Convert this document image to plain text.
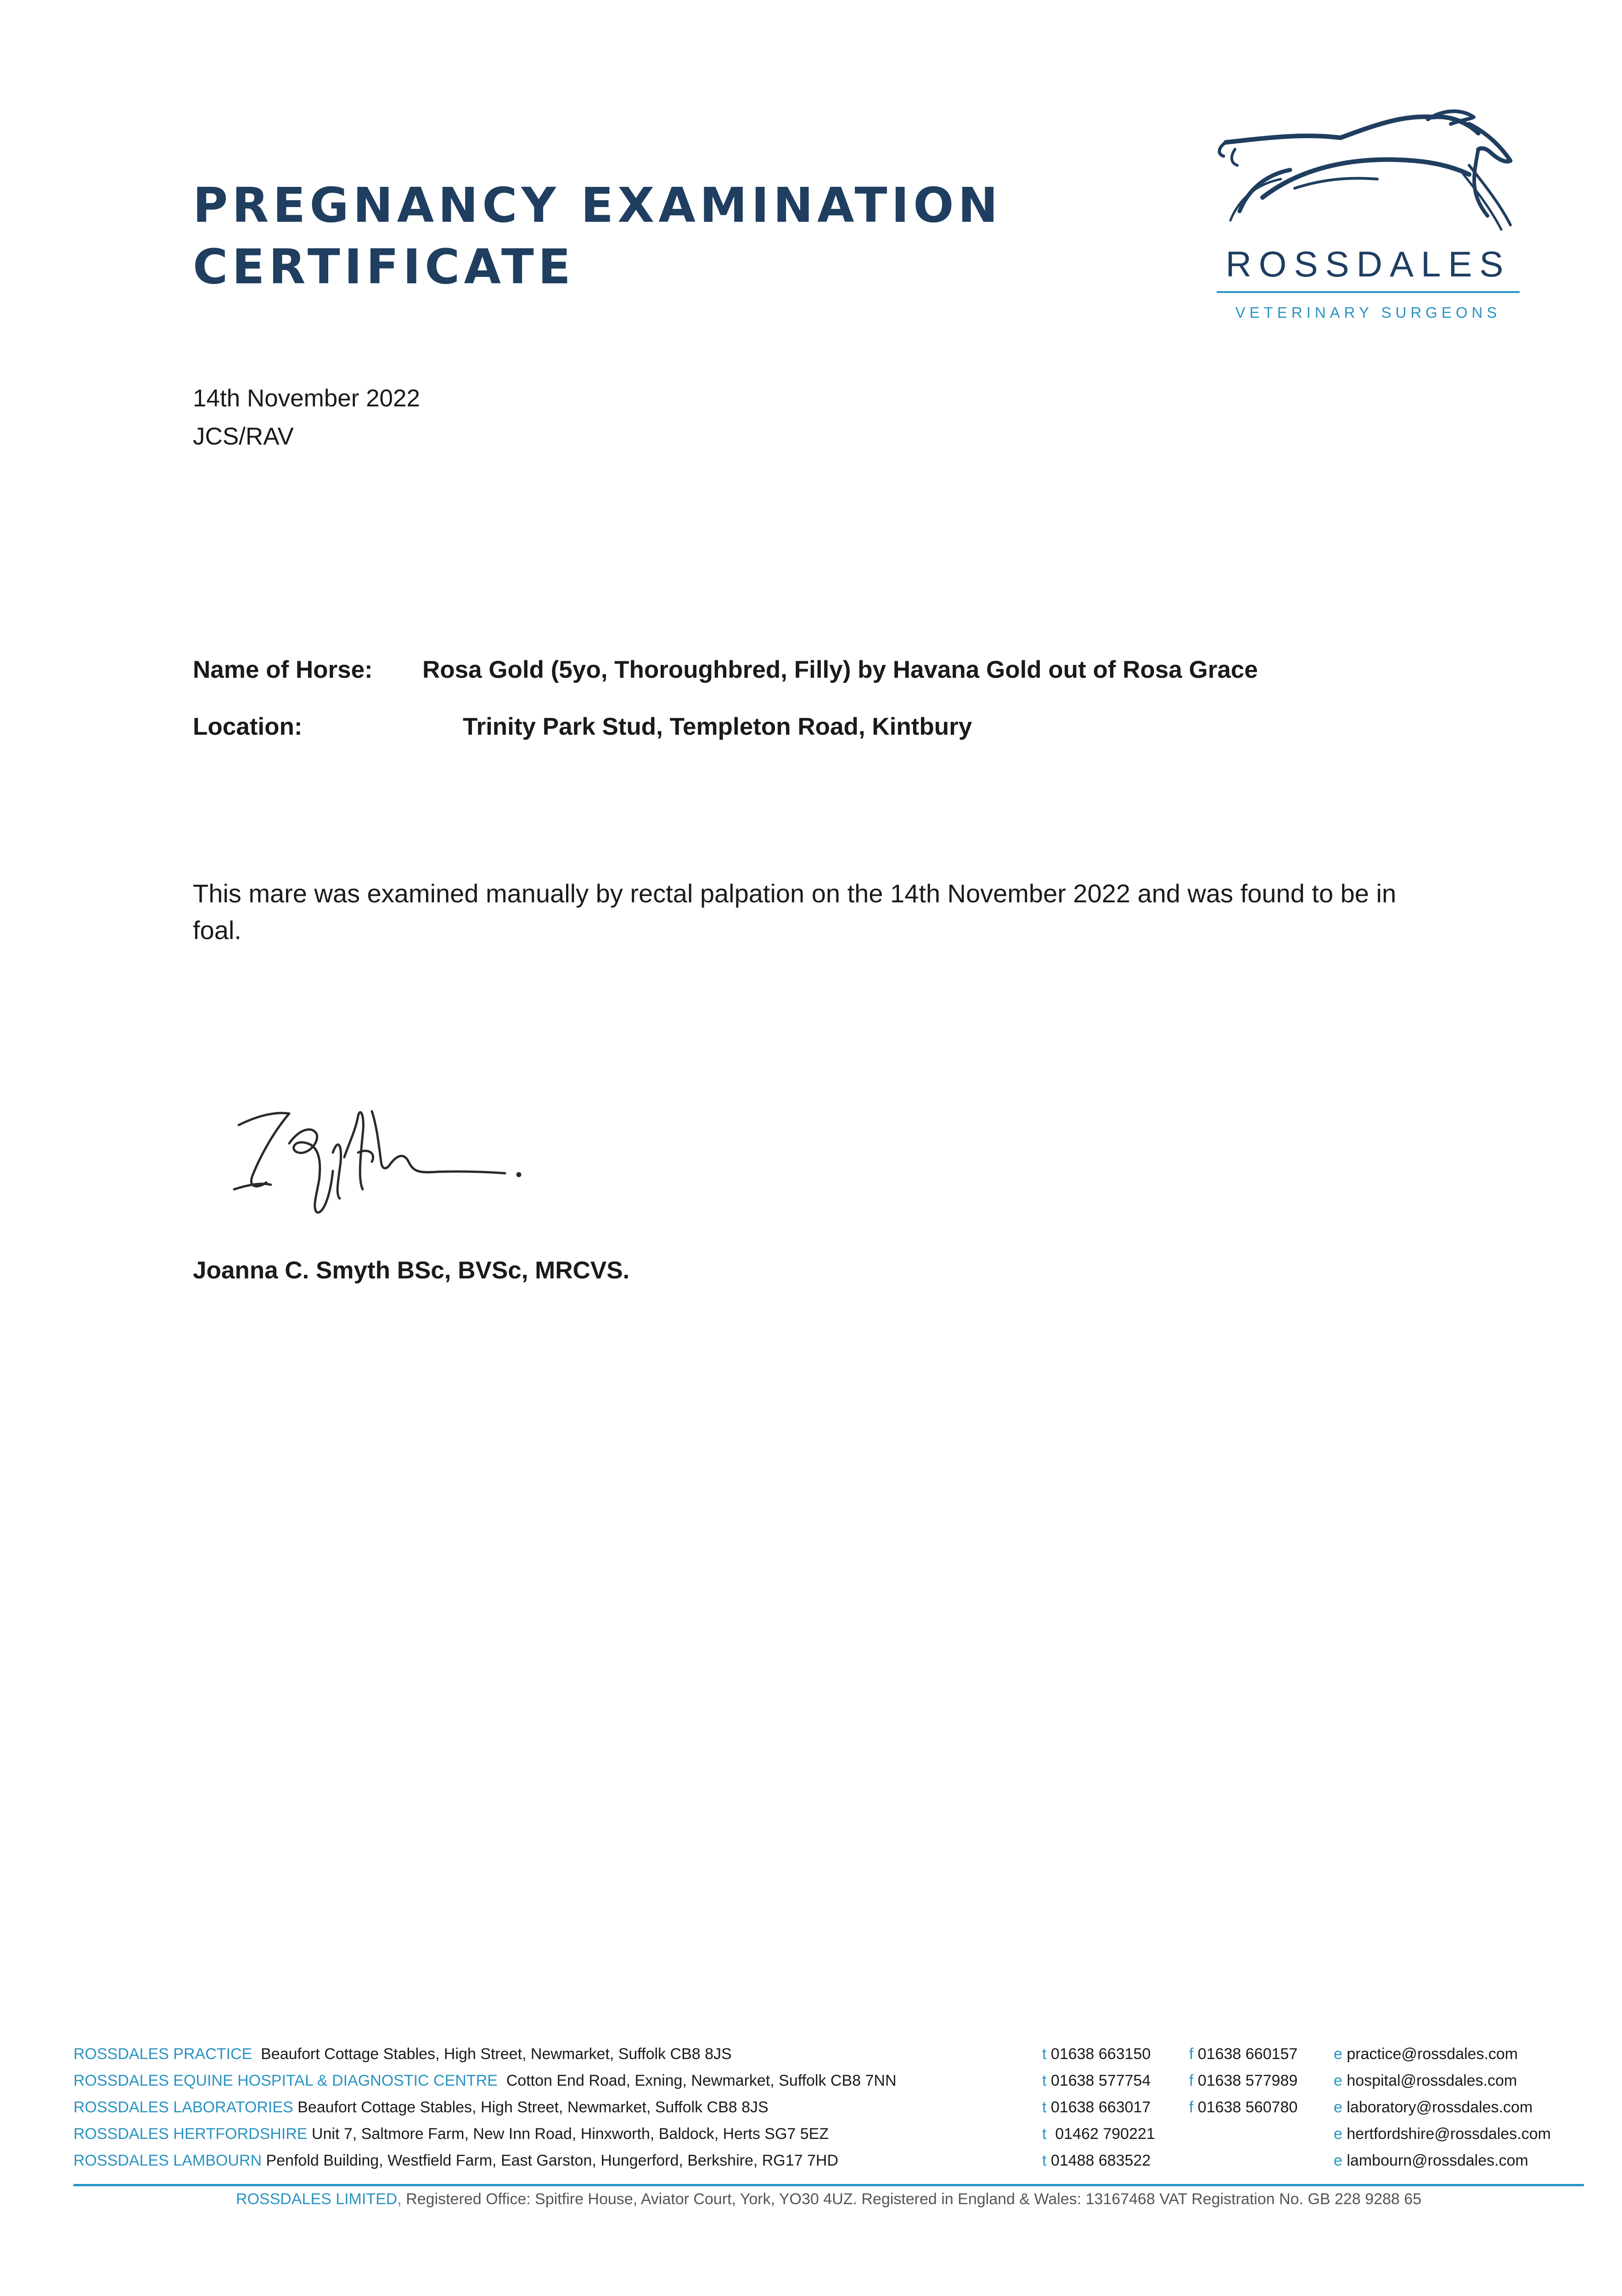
PREGNANCY EXAMINATION
CERTIFICATE	ROSSDALES
VETERINARY SURGEONS
14th November 2022
JCS/RAV
Name of Horse: Rosa Gold (5yo, Thoroughbred, Filly) by Havana Gold out of Rosa Grace
Location:	Trinity Park Stud, Templeton Road, Kintbury

This mare was examined manually by rectal palpation on the 14th November 2022 and was found to be in foal.

Joanna C. Smyth BSc, BVSc, MRCVS.
ROSSDALES PRACTICE Beaufort Cottage Stables, High Street, Newmarket, Suffolk CB8 8JS
ROSSDALES EQUINE HOSPITAL & DIAGNOSTIC CENTRE Cotton End Road, Exning, Newmarket, Suffolk CB8 7NN
ROSSDALES LABORATORIES Beaufort Cottage Stables, High Street, Newmarket, Suffolk CB8 8JS
ROSSDALES HERTFORDSHIRE Unit 7, Saltmore Farm, New Inn Road, Hinxworth, Baldock, Herts SG7 5EZ
ROSSDALES LAMBOURN Penfold Building, Westfield Farm, East Garston, Hungerford, Berkshire, RG17 7HD
t 01638 663150
t 01638 577754
t 01638 663017
t 01462 790221
t 01488 683522
f 01638 660157
f 01638 577989
f 01638 560780
e practice@rossdales.com
e hospital@rossdales.com
e laboratory@rossdales.com
e hertfordshire@rossdales.com
e lambourn@rossdales.com
ROSSDALES LIMITED, Registered Office: Spitfire House, Aviator Court, York, YO30 4UZ. Registered in England & Wales: 13167468 VAT Registration No. GB 228 9288 65
